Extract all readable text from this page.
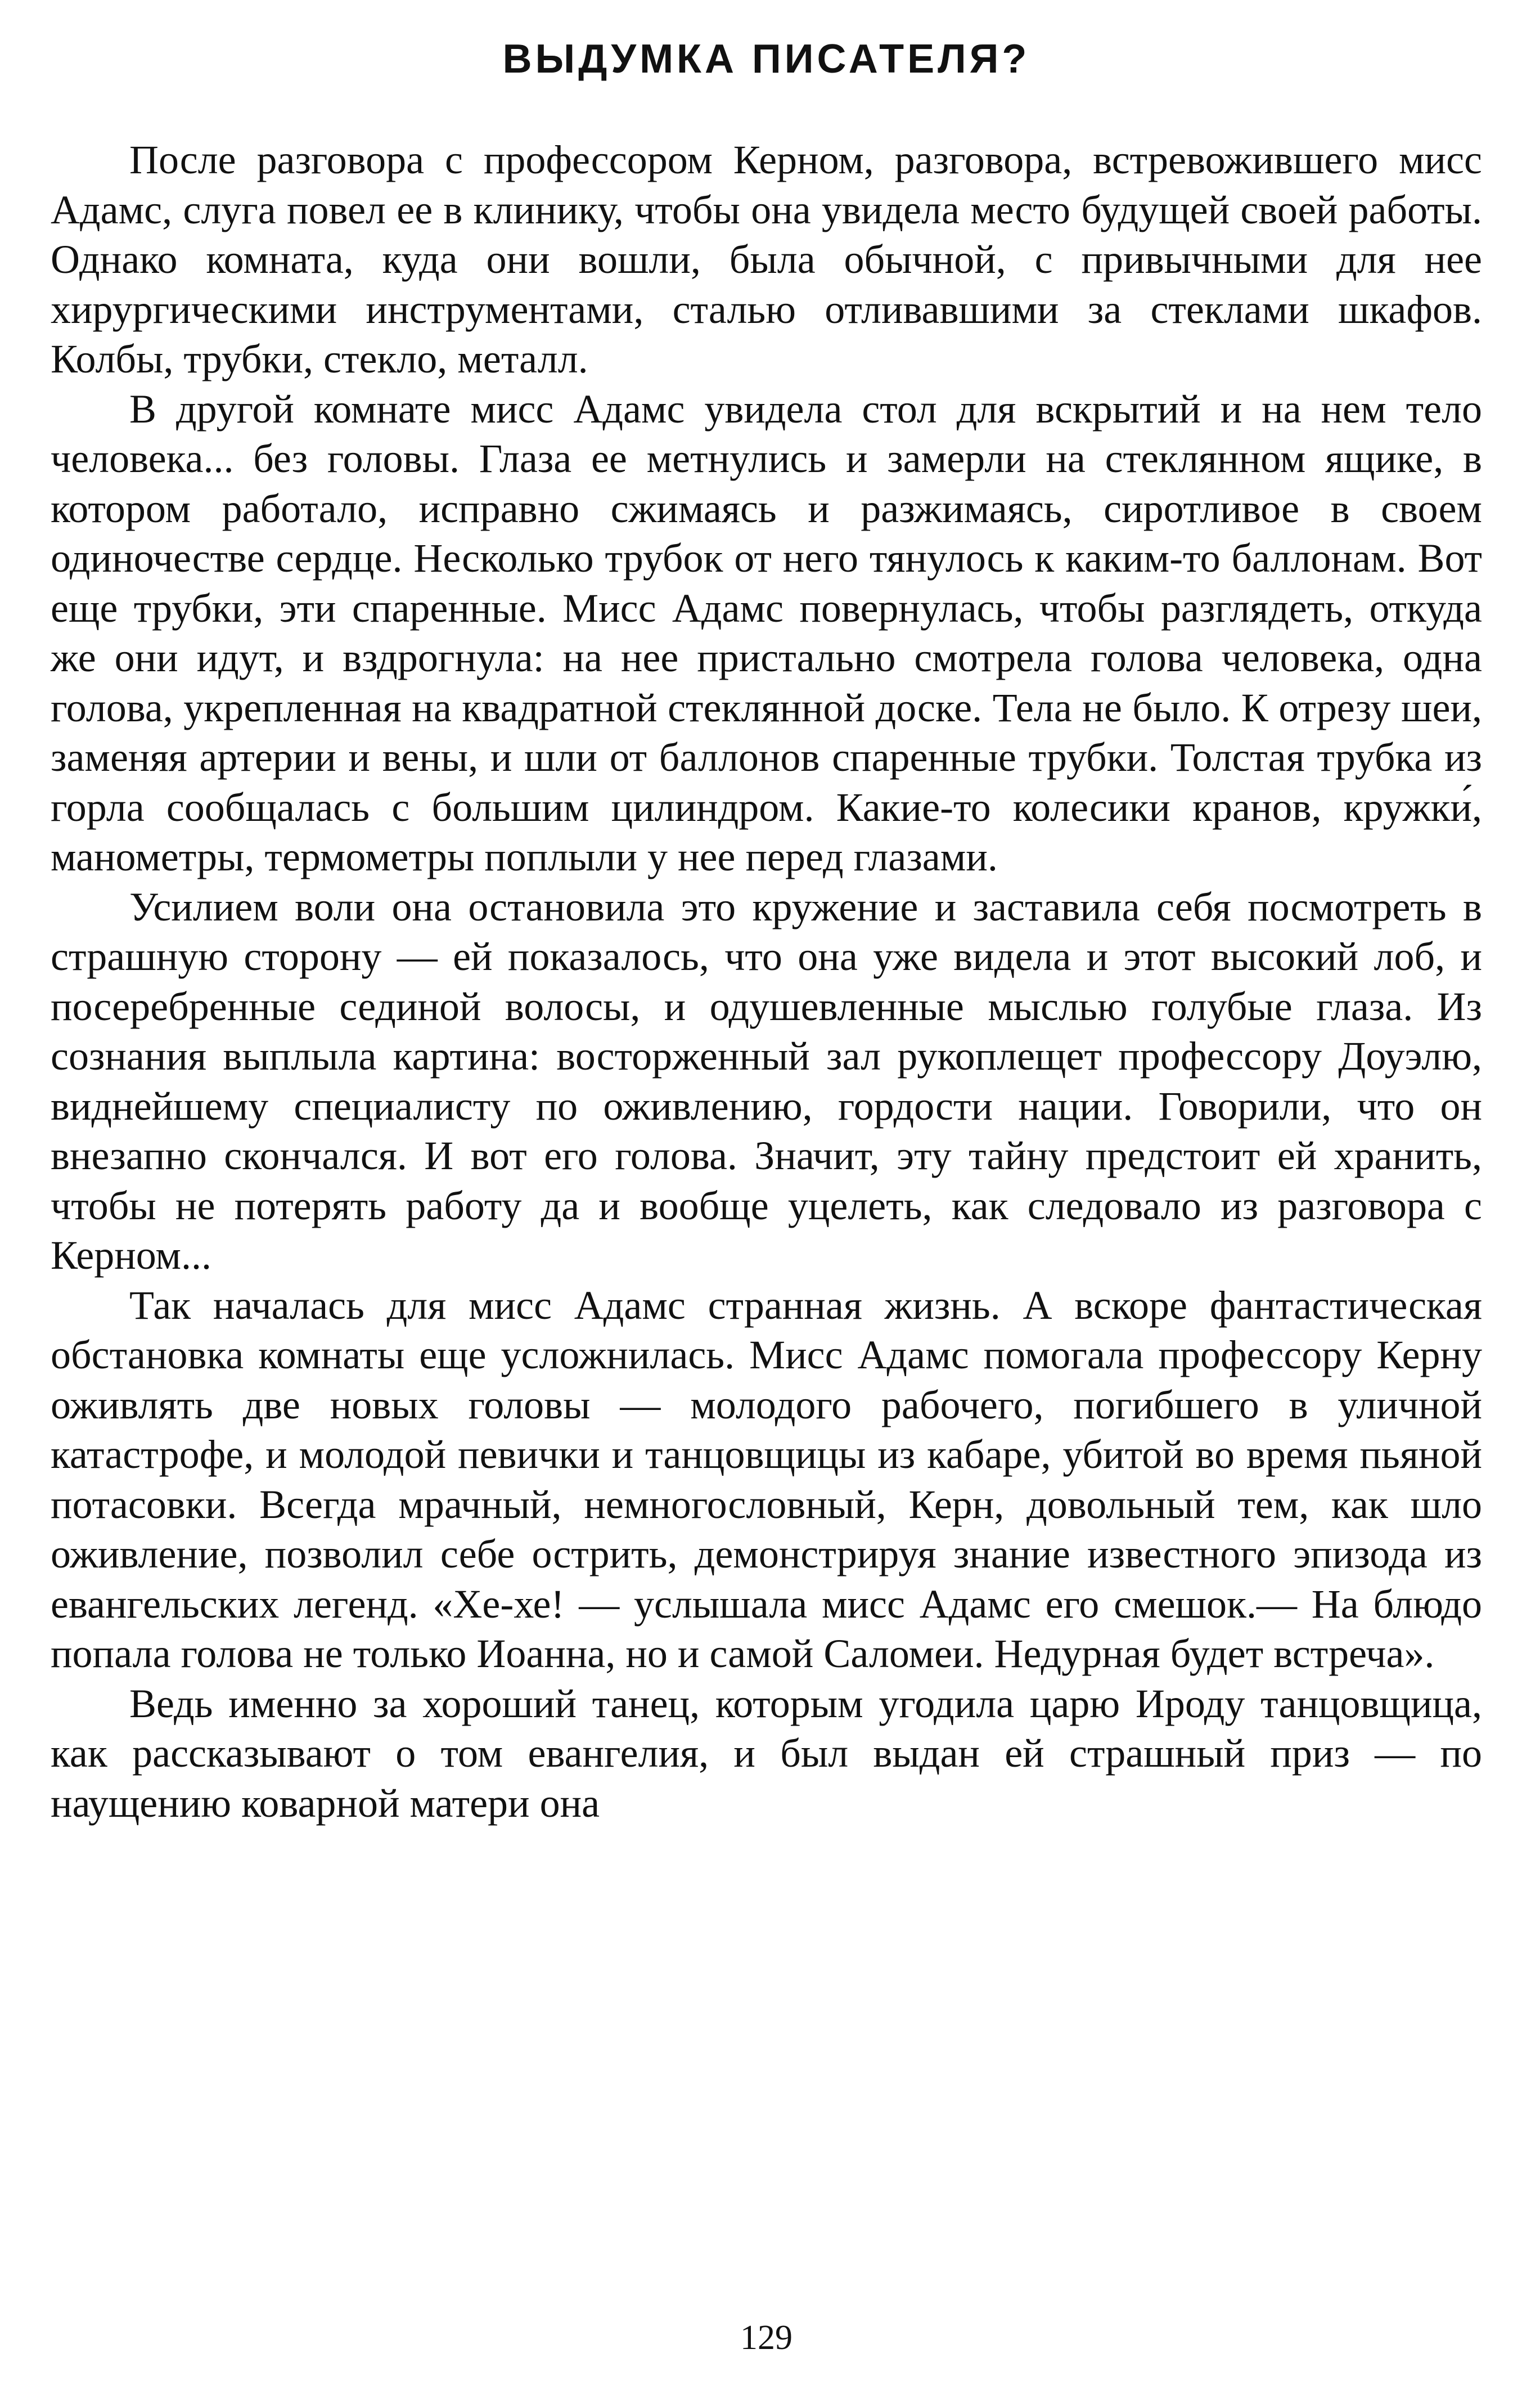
ВЫДУМКА ПИСАТЕЛЯ?

После разговора с профессором Керном, разговора, встревожившего мисс Адамс, слуга повел ее в клинику, чтобы она увидела место будущей своей работы. Однако комната, куда они вошли, была обычной, с привычными для нее хирургическими инструментами, сталью отливавшими за стеклами шкафов. Колбы, трубки, стекло, металл.

В другой комнате мисс Адамс увидела стол для вскрытий и на нем тело человека... без головы. Глаза ее метнулись и замерли на стеклянном ящике, в котором работало, исправно сжимаясь и разжимаясь, сиротливое в своем одиночестве сердце. Несколько трубок от него тянулось к каким-то баллонам. Вот еще трубки, эти спаренные. Мисс Адамс повернулась, чтобы разглядеть, откуда же они идут, и вздрогнула: на нее пристально смотрела голова человека, одна голова, укрепленная на квадратной стеклянной доске. Тела не было. К отрезу шеи, заменяя артерии и вены, и шли от баллонов спаренные трубки. Толстая трубка из горла сообщалась с большим цилиндром. Какие-то колесики кранов, кружки́, манометры, термометры поплыли у нее перед глазами.

Усилием воли она остановила это кружение и заставила себя посмотреть в страшную сторону — ей показалось, что она уже видела и этот высокий лоб, и посеребренные сединой волосы, и одушевленные мыслью голубые глаза. Из сознания выплыла картина: восторженный зал рукоплещет профессору Доуэлю, виднейшему специалисту по оживлению, гордости нации. Говорили, что он внезапно скончался. И вот его голова. Значит, эту тайну предстоит ей хранить, чтобы не потерять работу да и вообще уцелеть, как следовало из разговора с Керном...

Так началась для мисс Адамс странная жизнь. А вскоре фантастическая обстановка комнаты еще усложнилась. Мисс Адамс помогала профессору Керну оживлять две новых головы — молодого рабочего, погибшего в уличной катастрофе, и молодой певички и танцовщицы из кабаре, убитой во время пьяной потасовки. Всегда мрачный, немногословный, Керн, довольный тем, как шло оживление, позволил себе острить, демонстрируя знание известного эпизода из евангельских легенд. «Хе-хе! — услышала мисс Адамс его смешок.— На блюдо попала голова не только Иоанна, но и самой Саломеи. Недурная будет встреча».

Ведь именно за хороший танец, которым угодила царю Ироду танцовщица, как рассказывают о том евангелия, и был выдан ей страшный приз — по наущению коварной матери она

129
